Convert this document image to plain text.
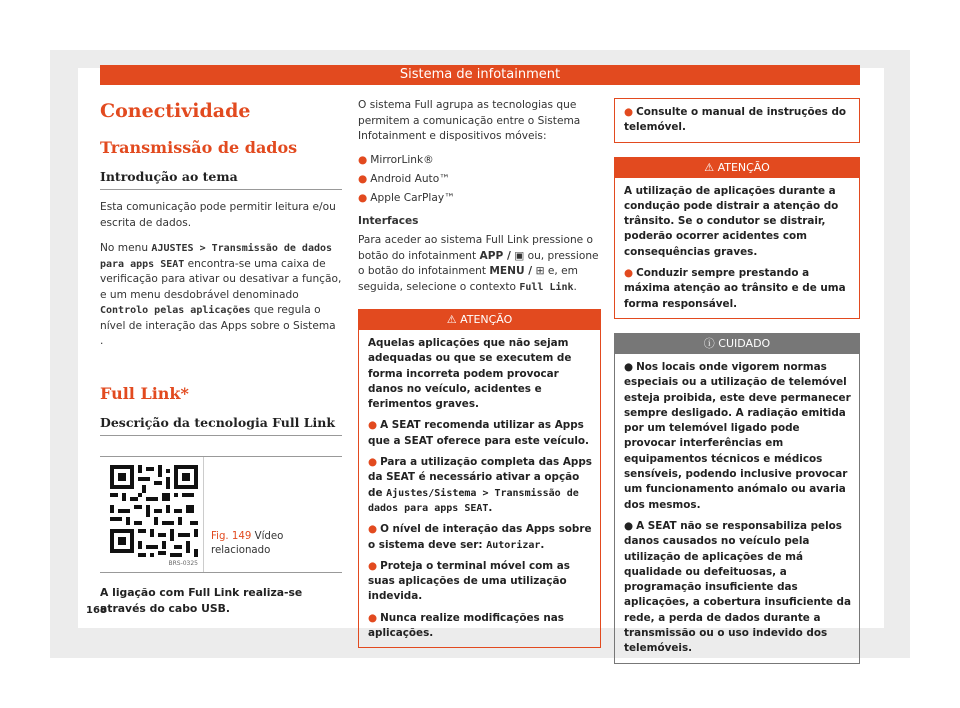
Sistema de infotainment
Conectividade
Transmissão de dados
Introdução ao tema

Esta comunicação pode permitir leitura e/ou escrita de dados.

No menu AJUSTES > Transmissão de dados para apps SEAT encontra-se uma caixa de verificação para ativar ou desativar a função, e um menu desdobrável denominado Controlo pelas aplicações que regula o nível de interação das Apps sobre o Sistema .

Full Link*
Descrição da tecnologia Full Link
BRS-0325
Fig. 149 Vídeo relacionado

A ligação com Full Link realiza-se através do cabo USB.

O sistema Full agrupa as tecnologias que permitem a comunicação entre o Sistema Infotainment e dispositivos móveis:

● MirrorLink®
● Android Auto™
● Apple CarPlay™

Interfaces

Para aceder ao sistema Full Link pressione o botão do infotainment APP / ▣ ou, pressione o botão do infotainment MENU / ⊞ e, em seguida, selecione o contexto Full Link.

⚠ ATENÇÃO

Aquelas aplicações que não sejam adequadas ou que se executem de forma incorreta podem provocar danos no veículo, acidentes e ferimentos graves.

● A SEAT recomenda utilizar as Apps que a SEAT oferece para este veículo.

● Para a utilização completa das Apps da SEAT é necessário ativar a opção de Ajustes/Sistema > Transmissão de dados para apps SEAT.

● O nível de interação das Apps sobre o sistema deve ser: Autorizar.

● Proteja o terminal móvel com as suas aplicações de uma utilização indevida.

● Nunca realize modificações nas aplicações.

● Consulte o manual de instruções do telemóvel.

⚠ ATENÇÃO

A utilização de aplicações durante a condução pode distrair a atenção do trânsito. Se o condutor se distrair, poderão ocorrer acidentes com consequências graves.

● Conduzir sempre prestando a máxima atenção ao trânsito e de uma forma responsável.

ⓘ CUIDADO

● Nos locais onde vigorem normas especiais ou a utilização de telemóvel esteja proibida, este deve permanecer sempre desligado. A radiação emitida por um telemóvel ligado pode provocar interferências em equipamentos técnicos e médicos sensíveis, podendo inclusive provocar um funcionamento anómalo ou avaria dos mesmos.

● A SEAT não se responsabiliza pelos danos causados no veículo pela utilização de aplicações de má qualidade ou defeituosas, a programação insuficiente das aplicações, a cobertura insuficiente da rede, a perda de dados durante a transmissão ou o uso indevido dos telemóveis.

168
